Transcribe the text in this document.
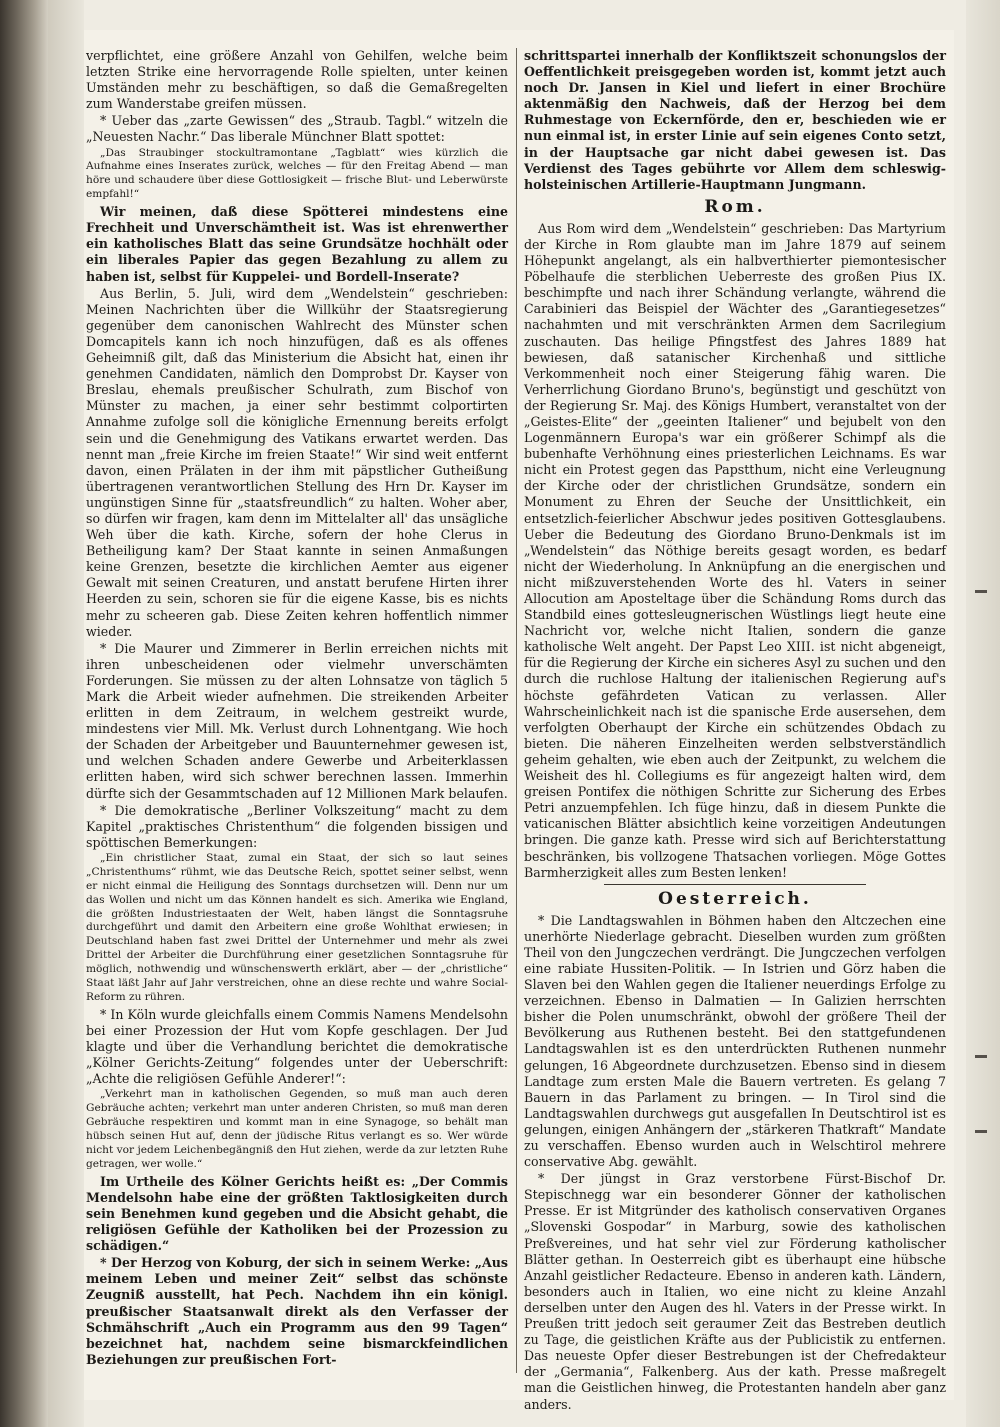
verpflichtet, eine größere Anzahl von Gehilfen, welche beim letzten Strike eine hervorragende Rolle spielten, unter keinen Umständen mehr zu beschäftigen, so daß die Gemaßregelten zum Wanderstabe greifen müssen.

* Ueber das „zarte Gewissen“ des „Straub. Tagbl.“ witzeln die „Neuesten Nachr.“ Das liberale Münchner Blatt spottet:

„Das Straubinger stockultramontane „Tagblatt“ wies kürzlich die Aufnahme eines Inserates zurück, welches — für den Freitag Abend — man höre und schaudere über diese Gottlosigkeit — frische Blut- und Leberwürste empfahl!“

Wir meinen, daß diese Spötterei mindestens eine Frechheit und Unverschämtheit ist. Was ist ehrenwerther ein katholisches Blatt das seine Grundsätze hochhält oder ein liberales Papier das gegen Bezahlung zu allem zu haben ist, selbst für Kuppelei- und Bordell-Inserate?

Aus Berlin, 5. Juli, wird dem „Wendelstein“ geschrieben: Meinen Nachrichten über die Willkühr der Staatsregierung gegenüber dem canonischen Wahlrecht des Münster schen Domcapitels kann ich noch hinzufügen, daß es als offenes Geheimniß gilt, daß das Ministerium die Absicht hat, einen ihr genehmen Candidaten, nämlich den Domprobst Dr. Kayser von Breslau, ehemals preußischer Schulrath, zum Bischof von Münster zu machen, ja einer sehr bestimmt colportirten Annahme zufolge soll die königliche Ernennung bereits erfolgt sein und die Genehmigung des Vatikans erwartet werden. Das nennt man „freie Kirche im freien Staate!“ Wir sind weit entfernt davon, einen Prälaten in der ihm mit päpstlicher Gutheißung übertragenen verantwortlichen Stellung des Hrn Dr. Kayser im ungünstigen Sinne für „staatsfreundlich“ zu halten. Woher aber, so dürfen wir fragen, kam denn im Mittelalter all' das unsägliche Weh über die kath. Kirche, sofern der hohe Clerus in Betheiligung kam? Der Staat kannte in seinen Anmaßungen keine Grenzen, besetzte die kirchlichen Aemter aus eigener Gewalt mit seinen Creaturen, und anstatt berufene Hirten ihrer Heerden zu sein, schoren sie für die eigene Kasse, bis es nichts mehr zu scheeren gab. Diese Zeiten kehren hoffentlich nimmer wieder.

* Die Maurer und Zimmerer in Berlin erreichen nichts mit ihren unbescheidenen oder vielmehr unverschämten Forderungen. Sie müssen zu der alten Lohnsatze von täglich 5 Mark die Arbeit wieder aufnehmen. Die streikenden Arbeiter erlitten in dem Zeitraum, in welchem gestreikt wurde, mindestens vier Mill. Mk. Verlust durch Lohnentgang. Wie hoch der Schaden der Arbeitgeber und Bauunternehmer gewesen ist, und welchen Schaden andere Gewerbe und Arbeiterklassen erlitten haben, wird sich schwer berechnen lassen. Immerhin dürfte sich der Gesammtschaden auf 12 Millionen Mark belaufen.

* Die demokratische „Berliner Volkszeitung“ macht zu dem Kapitel „praktisches Christenthum“ die folgenden bissigen und spöttischen Bemerkungen:

„Ein christlicher Staat, zumal ein Staat, der sich so laut seines „Christenthums“ rühmt, wie das Deutsche Reich, spottet seiner selbst, wenn er nicht einmal die Heiligung des Sonntags durchsetzen will. Denn nur um das Wollen und nicht um das Können handelt es sich. Amerika wie England, die größten Industriestaaten der Welt, haben längst die Sonntagsruhe durchgeführt und damit den Arbeitern eine große Wohlthat erwiesen; in Deutschland haben fast zwei Drittel der Unternehmer und mehr als zwei Drittel der Arbeiter die Durchführung einer gesetzlichen Sonntagsruhe für möglich, nothwendig und wünschenswerth erklärt, aber — der „christliche“ Staat läßt Jahr auf Jahr verstreichen, ohne an diese rechte und wahre Social-Reform zu rühren.

* In Köln wurde gleichfalls einem Commis Namens Mendelsohn bei einer Prozession der Hut vom Kopfe geschlagen. Der Jud klagte und über die Verhandlung berichtet die demokratische „Kölner Gerichts-Zeitung“ folgendes unter der Ueberschrift: „Achte die religiösen Gefühle Anderer!“:

„Verkehrt man in katholischen Gegenden, so muß man auch deren Gebräuche achten; verkehrt man unter anderen Christen, so muß man deren Gebräuche respektiren und kommt man in eine Synagoge, so behält man hübsch seinen Hut auf, denn der jüdische Ritus verlangt es so. Wer würde nicht vor jedem Leichenbegängniß den Hut ziehen, werde da zur letzten Ruhe getragen, wer wolle.“

Im Urtheile des Kölner Gerichts heißt es: „Der Commis Mendelsohn habe eine der größten Taktlosigkeiten durch sein Benehmen kund gegeben und die Absicht gehabt, die religiösen Gefühle der Katholiken bei der Prozession zu schädigen.“

* Der Herzog von Koburg, der sich in seinem Werke: „Aus meinem Leben und meiner Zeit“ selbst das schönste Zeugniß ausstellt, hat Pech. Nachdem ihn ein königl. preußischer Staatsanwalt direkt als den Verfasser der Schmähschrift „Auch ein Programm aus den 99 Tagen“ bezeichnet hat, nachdem seine bismarckfeindlichen Beziehungen zur preußischen Fort-

schrittspartei innerhalb der Konfliktszeit schonungslos der Oeffentlichkeit preisgegeben worden ist, kommt jetzt auch noch Dr. Jansen in Kiel und liefert in einer Brochüre aktenmäßig den Nachweis, daß der Herzog bei dem Ruhmestage von Eckernförde, den er, beschieden wie er nun einmal ist, in erster Linie auf sein eigenes Conto setzt, in der Hauptsache gar nicht dabei gewesen ist. Das Verdienst des Tages gebührte vor Allem dem schleswig-holsteinischen Artillerie-Hauptmann Jungmann.

Rom.

Aus Rom wird dem „Wendelstein“ geschrieben: Das Martyrium der Kirche in Rom glaubte man im Jahre 1879 auf seinem Höhepunkt angelangt, als ein halbverthierter piemontesischer Pöbelhaufe die sterblichen Ueberreste des großen Pius IX. beschimpfte und nach ihrer Schändung verlangte, während die Carabinieri das Beispiel der Wächter des „Garantiegesetzes“ nachahmten und mit verschränkten Armen dem Sacrilegium zuschauten. Das heilige Pfingstfest des Jahres 1889 hat bewiesen, daß satanischer Kirchenhaß und sittliche Verkommenheit noch einer Steigerung fähig waren. Die Verherrlichung Giordano Bruno's, begünstigt und geschützt von der Regierung Sr. Maj. des Königs Humbert, veranstaltet von der „Geistes-Elite“ der „geeinten Italiener“ und bejubelt von den Logenmännern Europa's war ein größerer Schimpf als die bubenhafte Verhöhnung eines priesterlichen Leichnams. Es war nicht ein Protest gegen das Papstthum, nicht eine Verleugnung der Kirche oder der christlichen Grundsätze, sondern ein Monument zu Ehren der Seuche der Unsittlichkeit, ein entsetzlich-feierlicher Abschwur jedes positiven Gottesglaubens. Ueber die Bedeutung des Giordano Bruno-Denkmals ist im „Wendelstein“ das Nöthige bereits gesagt worden, es bedarf nicht der Wiederholung. In Anknüpfung an die energischen und nicht mißzuverstehenden Worte des hl. Vaters in seiner Allocution am Aposteltage über die Schändung Roms durch das Standbild eines gottesleugnerischen Wüstlings liegt heute eine Nachricht vor, welche nicht Italien, sondern die ganze katholische Welt angeht. Der Papst Leo XIII. ist nicht abgeneigt, für die Regierung der Kirche ein sicheres Asyl zu suchen und den durch die ruchlose Haltung der italienischen Regierung auf's höchste gefährdeten Vatican zu verlassen. Aller Wahrscheinlichkeit nach ist die spanische Erde ausersehen, dem verfolgten Oberhaupt der Kirche ein schützendes Obdach zu bieten. Die näheren Einzelheiten werden selbstverständlich geheim gehalten, wie eben auch der Zeitpunkt, zu welchem die Weisheit des hl. Collegiums es für angezeigt halten wird, dem greisen Pontifex die nöthigen Schritte zur Sicherung des Erbes Petri anzuempfehlen. Ich füge hinzu, daß in diesem Punkte die vaticanischen Blätter absichtlich keine vorzeitigen Andeutungen bringen. Die ganze kath. Presse wird sich auf Berichterstattung beschränken, bis vollzogene Thatsachen vorliegen. Möge Gottes Barmherzigkeit alles zum Besten lenken!

Oesterreich.

* Die Landtagswahlen in Böhmen haben den Altczechen eine unerhörte Niederlage gebracht. Dieselben wurden zum größten Theil von den Jungczechen verdrängt. Die Jungczechen verfolgen eine rabiate Hussiten-Politik. — In Istrien und Görz haben die Slaven bei den Wahlen gegen die Italiener neuerdings Erfolge zu verzeichnen. Ebenso in Dalmatien — In Galizien herrschten bisher die Polen unumschränkt, obwohl der größere Theil der Bevölkerung aus Ruthenen besteht. Bei den stattgefundenen Landtagswahlen ist es den unterdrückten Ruthenen nunmehr gelungen, 16 Abgeordnete durchzusetzen. Ebenso sind in diesem Landtage zum ersten Male die Bauern vertreten. Es gelang 7 Bauern in das Parlament zu bringen. — In Tirol sind die Landtagswahlen durchwegs gut ausgefallen In Deutschtirol ist es gelungen, einigen Anhängern der „stärkeren Thatkraft“ Mandate zu verschaffen. Ebenso wurden auch in Welschtirol mehrere conservative Abg. gewählt.

* Der jüngst in Graz verstorbene Fürst-Bischof Dr. Stepischnegg war ein besonderer Gönner der katholischen Presse. Er ist Mitgründer des katholisch conservativen Organes „Slovenski Gospodar“ in Marburg, sowie des katholischen Preßvereines, und hat sehr viel zur Förderung katholischer Blätter gethan. In Oesterreich gibt es überhaupt eine hübsche Anzahl geistlicher Redacteure. Ebenso in anderen kath. Ländern, besonders auch in Italien, wo eine nicht zu kleine Anzahl derselben unter den Augen des hl. Vaters in der Presse wirkt. In Preußen tritt jedoch seit geraumer Zeit das Bestreben deutlich zu Tage, die geistlichen Kräfte aus der Publicistik zu entfernen. Das neueste Opfer dieser Bestrebungen ist der Chefredakteur der „Germania“, Falkenberg. Aus der kath. Presse maßregelt man die Geistlichen hinweg, die Protestanten handeln aber ganz anders.
